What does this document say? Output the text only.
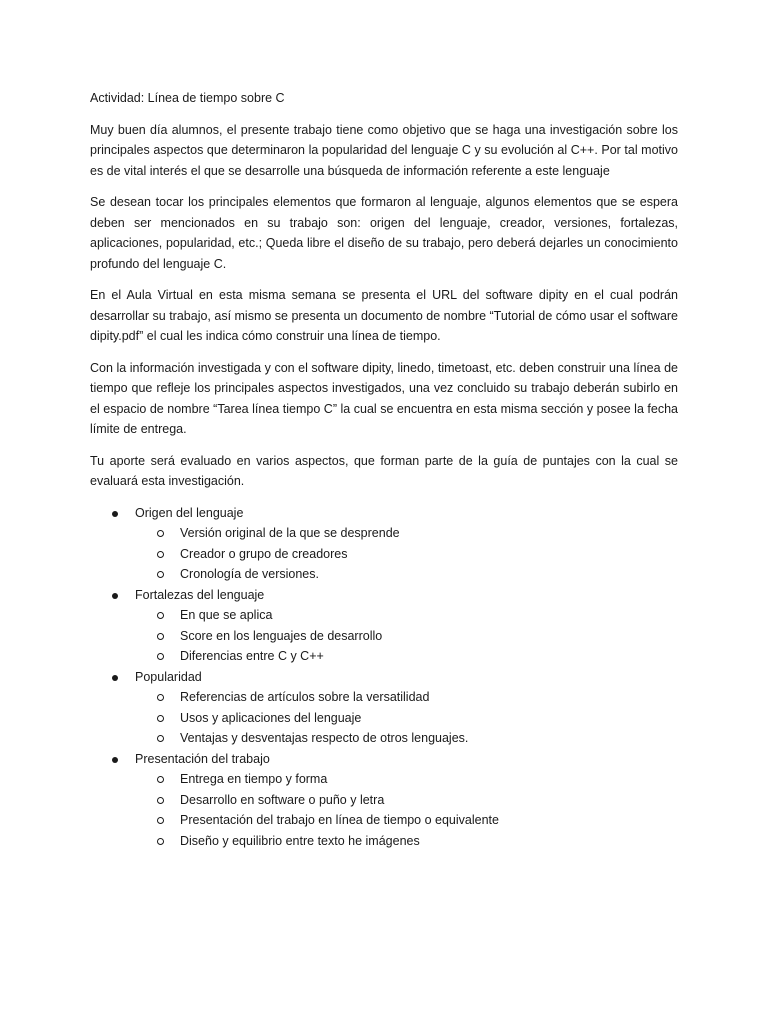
Actividad: Línea de tiempo sobre C

Muy buen día alumnos, el presente trabajo tiene como objetivo que se haga una investigación sobre los principales aspectos que determinaron la popularidad del lenguaje C y su evolución al C++. Por tal motivo es de vital interés el que se desarrolle una búsqueda de información referente a este lenguaje

Se desean tocar los principales elementos que formaron al lenguaje, algunos elementos que se espera deben ser mencionados en su trabajo son: origen del lenguaje, creador, versiones, fortalezas, aplicaciones, popularidad, etc.; Queda libre el diseño de su trabajo, pero deberá dejarles un conocimiento profundo del lenguaje C.

En el Aula Virtual en esta misma semana se presenta el URL del software dipity en el cual podrán desarrollar su trabajo, así mismo se presenta un documento de nombre “Tutorial de cómo usar el software dipity.pdf” el cual les indica cómo construir una línea de tiempo.

Con la información investigada y con el software dipity, linedo, timetoast, etc. deben construir una línea de tiempo que refleje los principales aspectos investigados, una vez concluido su trabajo deberán subirlo en el espacio de nombre “Tarea línea tiempo C” la cual se encuentra en esta misma sección y posee la fecha límite de entrega.

Tu aporte será evaluado en varios aspectos, que forman parte de la guía de puntajes con la cual se evaluará esta investigación.

Origen del lenguaje
Versión original de la que se desprende
Creador o grupo de creadores
Cronología de versiones.
Fortalezas del lenguaje
En que se aplica
Score en los lenguajes de desarrollo
Diferencias entre C y C++
Popularidad
Referencias de artículos sobre la versatilidad
Usos y aplicaciones del lenguaje
Ventajas y desventajas respecto de otros lenguajes.
Presentación del trabajo
Entrega en tiempo y forma
Desarrollo en software o puño y letra
Presentación del trabajo en línea de tiempo o equivalente
Diseño y equilibrio entre texto he imágenes
